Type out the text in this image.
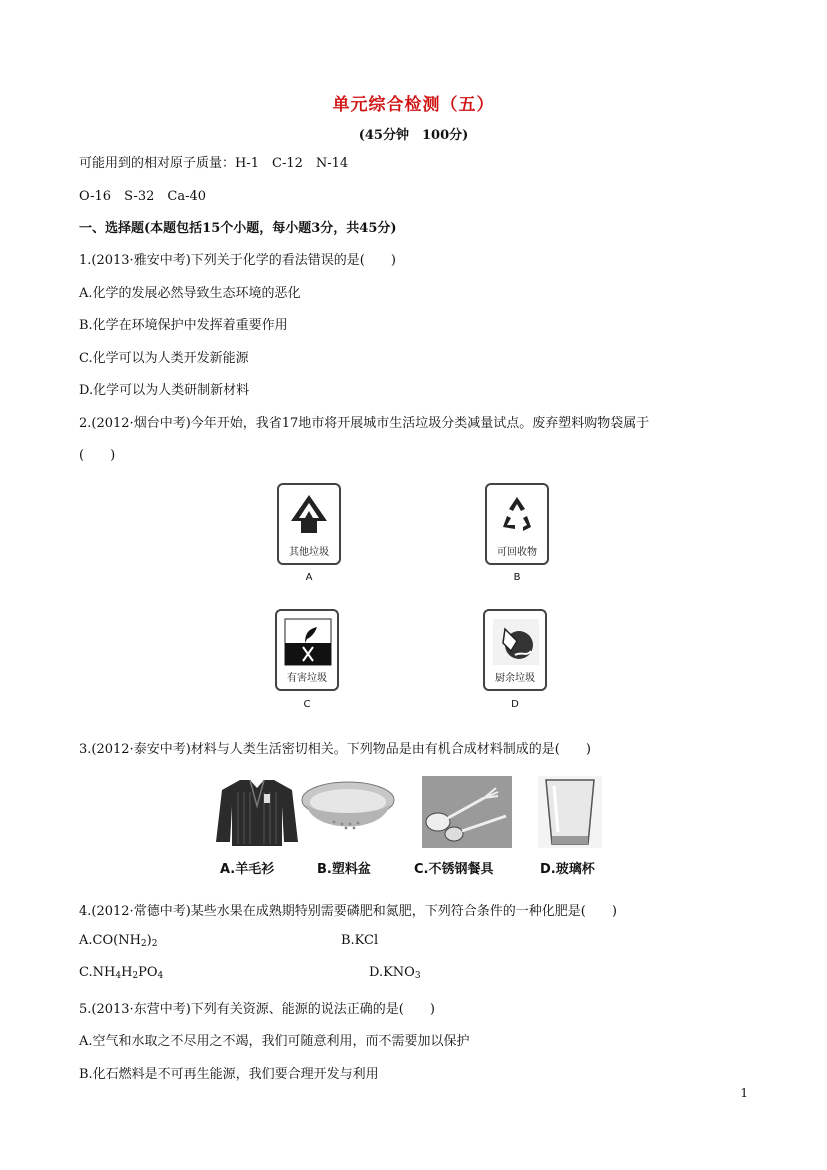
单元综合检测（五）
(45分钟　100分)
可能用到的相对原子质量：H-1　C-12　N-14
O-16　S-32　Ca-40
一、选择题(本题包括15个小题，每小题3分，共45分)
1.(2013·雅安中考)下列关于化学的看法错误的是(　　)
A.化学的发展必然导致生态环境的恶化
B.化学在环境保护中发挥着重要作用
C.化学可以为人类开发新能源
D.化学可以为人类研制新材料
2.(2012·烟台中考)今年开始，我省17地市将开展城市生活垃圾分类减量试点。废弃塑料购物袋属于
(　　)
其他垃圾
A
可回收物
B
有害垃圾
C
厨余垃圾
D
3.(2012·泰安中考)材料与人类生活密切相关。下列物品是由有机合成材料制成的是(　　)
A.羊毛衫	B.塑料盆	C.不锈钢餐具	D.玻璃杯
4.(2012·常德中考)某些水果在成熟期特别需要磷肥和氮肥，下列符合条件的一种化肥是(　　)
$A.CO(NH_2)_2$	B.KCl
$C.NH_4H_2PO_4$	$D.KNO_3$
5.(2013·东营中考)下列有关资源、能源的说法正确的是(　　)
A.空气和水取之不尽用之不竭，我们可随意利用，而不需要加以保护
B.化石燃料是不可再生能源，我们要合理开发与利用
1
